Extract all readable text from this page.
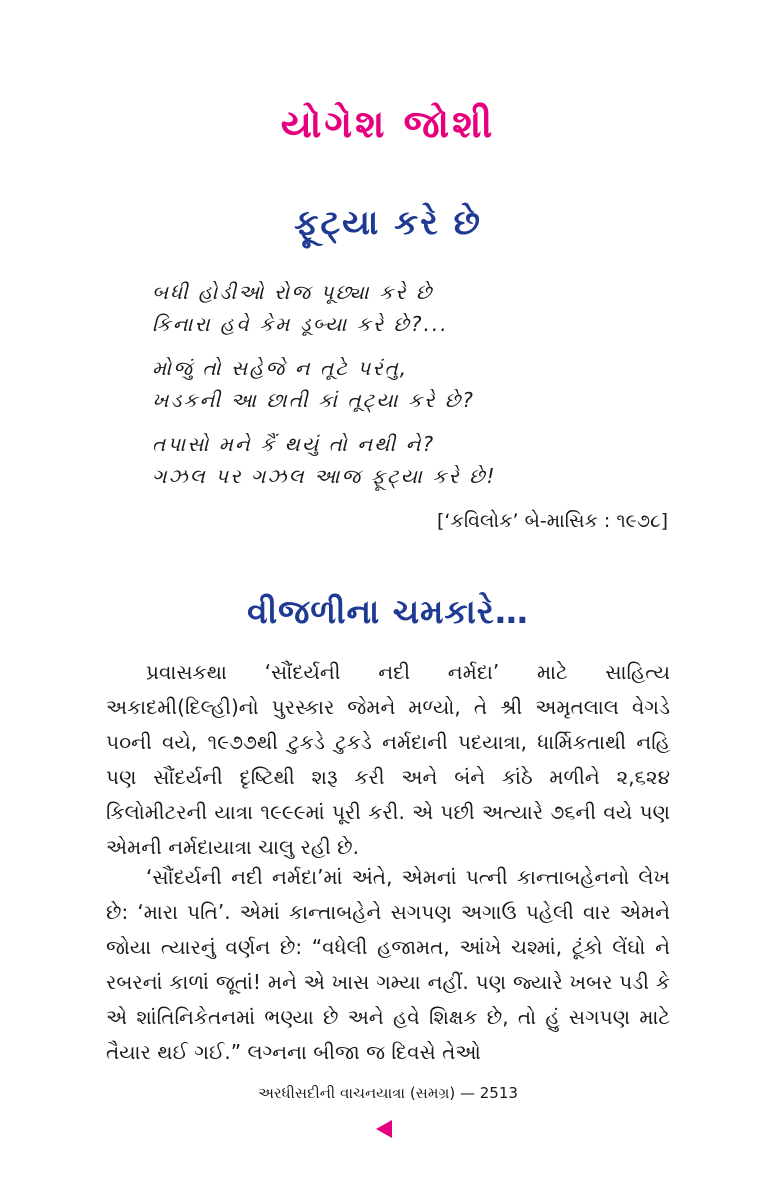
યોગેશ જોશી
ફૂટ્યા કરે છે
બધી હોડીઓ રોજ પૂછ્યા કરે છે
કિનારા હવે કેમ ડૂબ્યા કરે છે?...
મોજું તો સહેજે ન તૂટે પરંતુ,
ખડકની આ છાતી કાં તૂટ્યા કરે છે?
તપાસો મને કૈં થયું તો નથી ને?
ગઝલ પર ગઝલ આજ ફૂટ્યા કરે છે!
[‘કવિલોક’ બે-માસિક : ૧૯૭૮]
વીજળીના ચમકારે…

પ્રવાસકથા ‘સૌંદર્યની નદી નર્મદા’ માટે સાહિત્ય અકાદમી(દિલ્હી)નો પુરસ્કાર જેમને મળ્યો, તે શ્રી અમૃતલાલ વેગડે ૫૦ની વયે, ૧૯૭૭થી ટુકડે ટુકડે નર્મદાની પદયાત્રા, ધાર્મિકતાથી નહિ પણ સૌંદર્યની દૃષ્ટિથી શરૂ કરી અને બંને કાંઠે મળીને ૨,૬૨૪ કિલોમીટરની યાત્રા ૧૯૯૯માં પૂરી કરી. એ પછી અત્યારે ૭૬ની વયે પણ એમની નર્મદાયાત્રા ચાલુ રહી છે.

‘સૌંદર્યની નદી નર્મદા’માં અંતે, એમનાં પત્ની કાન્તાબહેનનો લેખ છે: ‘મારા પતિ’. એમાં કાન્તાબહેને સગપણ અગાઉ પહેલી વાર એમને જોયા ત્યારનું વર્ણન છે: “વધેલી હજામત, આંખે ચશ્માં, ટૂંકો લેંઘો ને રબરનાં કાળાં જૂતાં! મને એ ખાસ ગમ્યા નહીં. પણ જ્યારે ખબર પડી કે એ શાંતિનિકેતનમાં ભણ્યા છે અને હવે શિક્ષક છે, તો હું સગપણ માટે તૈયાર થઈ ગઈ.” લગ્નના બીજા જ દિવસે તેઓ

અરધીસદીની વાચનયાત્રા (સમગ્ર) — 2513
